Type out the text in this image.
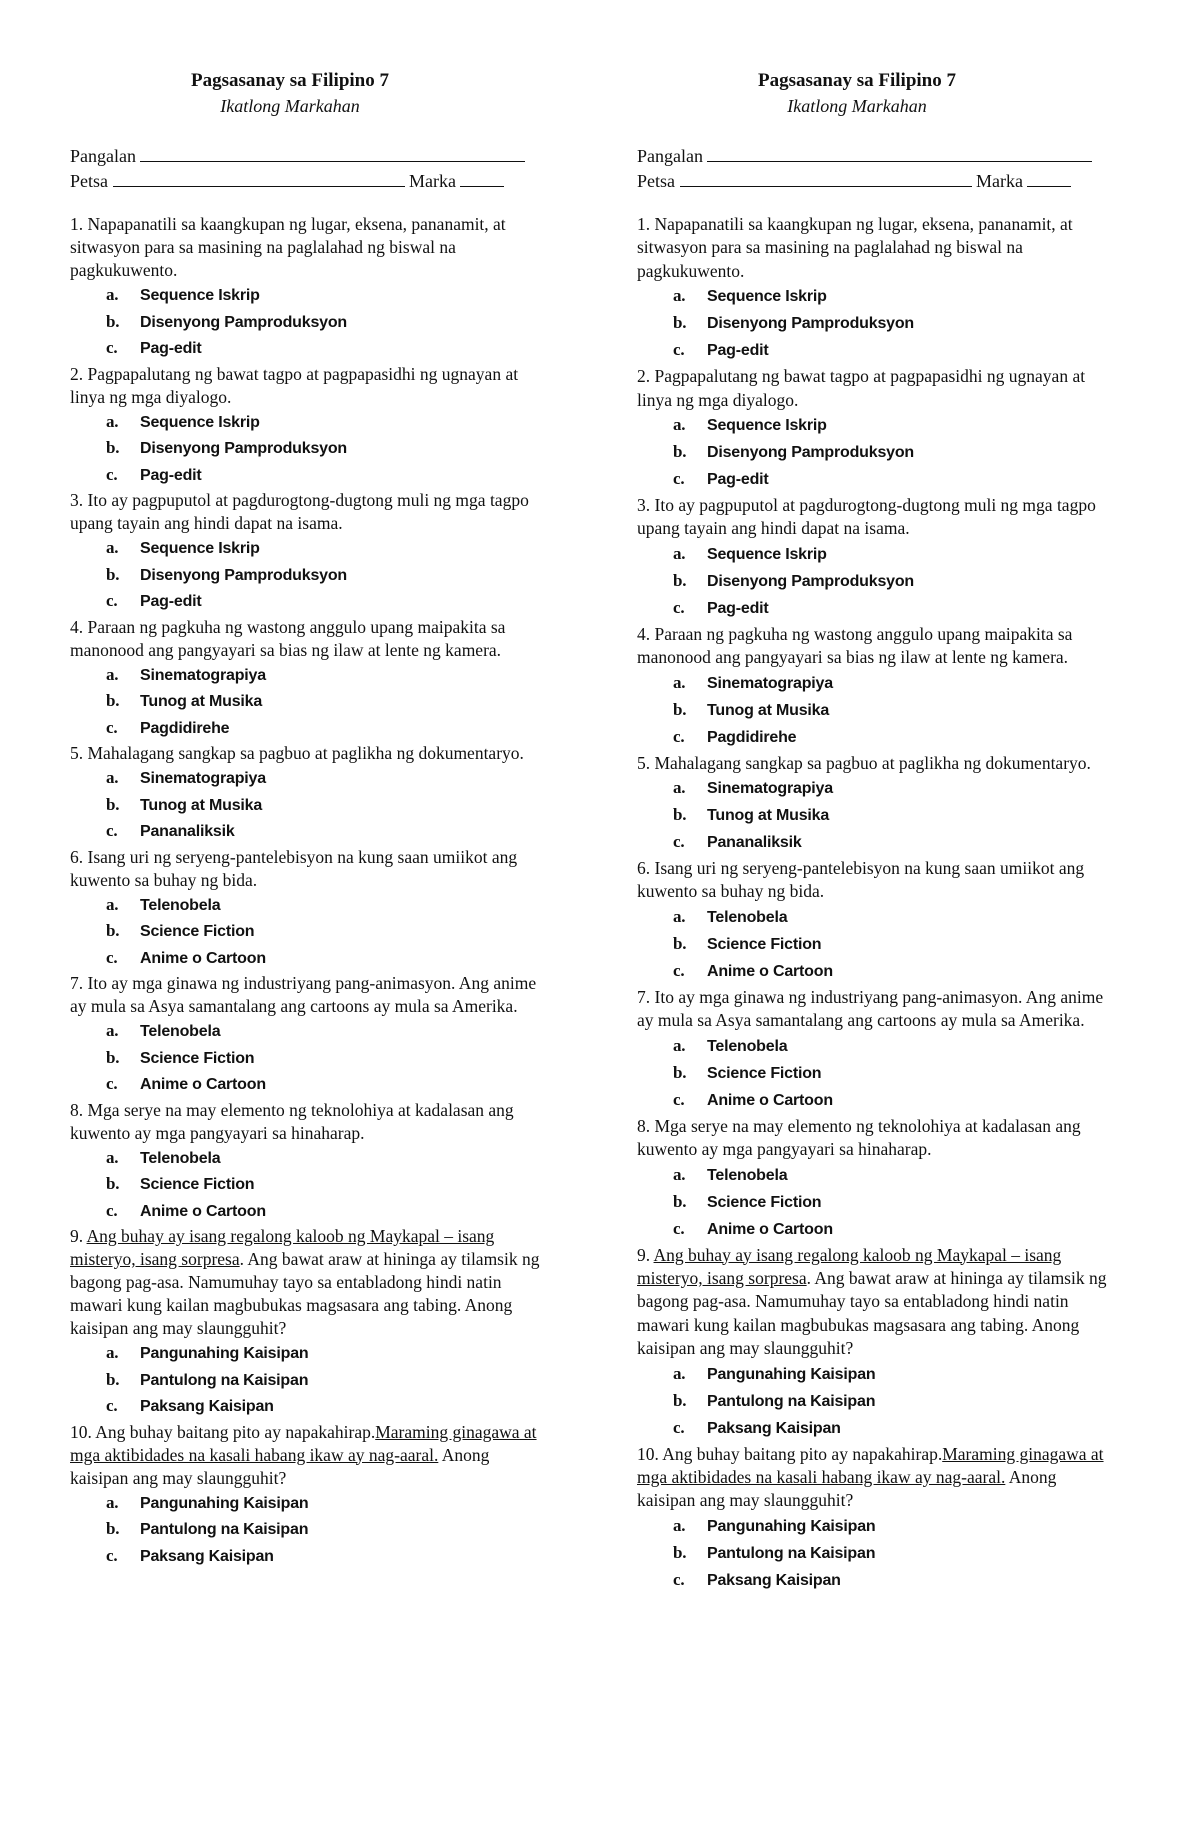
Pagsasanay sa Filipino 7
Ikatlong Markahan
Pangalan
Petsa	Marka
1. Napapanatili sa kaangkupan ng lugar, eksena, pananamit, at sitwasyon para sa masining na paglalahad ng biswal na pagkukuwento.
a. Sequence Iskrip
b. Disenyong Pamproduksyon
c. Pag-edit
2. Pagpapalutang ng bawat tagpo at pagpapasidhi ng ugnayan at linya ng mga diyalogo.
a. Sequence Iskrip
b. Disenyong Pamproduksyon
c. Pag-edit
3. Ito ay pagpuputol at pagdurogtong-dugtong muli ng mga tagpo upang tayain ang hindi dapat na isama.
a. Sequence Iskrip
b. Disenyong Pamproduksyon
c. Pag-edit
4. Paraan ng pagkuha ng wastong anggulo upang maipakita sa manonood ang pangyayari sa bias ng ilaw at lente ng kamera.
a. Sinematograpiya
b. Tunog at Musika
c. Pagdidirehe
5. Mahalagang sangkap sa pagbuo at paglikha ng dokumentaryo.
a. Sinematograpiya
b. Tunog at Musika
c. Pananaliksik
6. Isang uri ng seryeng-pantelebisyon na kung saan umiikot ang kuwento sa buhay ng bida.
a. Telenobela
b. Science Fiction
c. Anime o Cartoon
7. Ito ay mga ginawa ng industriyang pang-animasyon. Ang anime ay mula sa Asya samantalang ang cartoons ay mula sa Amerika.
a. Telenobela
b. Science Fiction
c. Anime o Cartoon
8. Mga serye na may elemento ng teknolohiya at kadalasan ang kuwento ay mga pangyayari sa hinaharap.
a. Telenobela
b. Science Fiction
c. Anime o Cartoon
9. Ang buhay ay isang regalong kaloob ng Maykapal – isang misteryo, isang sorpresa. Ang bawat araw at hininga ay tilamsik ng bagong pag-asa. Namumuhay tayo sa entabladong hindi natin mawari kung kailan magbubukas magsasara ang tabing. Anong kaisipan ang may slaungguhit?
a. Pangunahing Kaisipan
b. Pantulong na Kaisipan
c. Paksang Kaisipan
10. Ang buhay baitang pito ay napakahirap.Maraming ginagawa at mga aktibidades na kasali habang ikaw ay nag-aaral. Anong kaisipan ang may slaungguhit?
a. Pangunahing Kaisipan
b. Pantulong na Kaisipan
c. Paksang Kaisipan
Pagsasanay sa Filipino 7
Ikatlong Markahan
Pangalan
Petsa	Marka
1. Napapanatili sa kaangkupan ng lugar, eksena, pananamit, at sitwasyon para sa masining na paglalahad ng biswal na pagkukuwento.
a. Sequence Iskrip
b. Disenyong Pamproduksyon
c. Pag-edit
2. Pagpapalutang ng bawat tagpo at pagpapasidhi ng ugnayan at linya ng mga diyalogo.
a. Sequence Iskrip
b. Disenyong Pamproduksyon
c. Pag-edit
3. Ito ay pagpuputol at pagdurogtong-dugtong muli ng mga tagpo upang tayain ang hindi dapat na isama.
a. Sequence Iskrip
b. Disenyong Pamproduksyon
c. Pag-edit
4. Paraan ng pagkuha ng wastong anggulo upang maipakita sa manonood ang pangyayari sa bias ng ilaw at lente ng kamera.
a. Sinematograpiya
b. Tunog at Musika
c. Pagdidirehe
5. Mahalagang sangkap sa pagbuo at paglikha ng dokumentaryo.
a. Sinematograpiya
b. Tunog at Musika
c. Pananaliksik
6. Isang uri ng seryeng-pantelebisyon na kung saan umiikot ang kuwento sa buhay ng bida.
a. Telenobela
b. Science Fiction
c. Anime o Cartoon
7. Ito ay mga ginawa ng industriyang pang-animasyon. Ang anime ay mula sa Asya samantalang ang cartoons ay mula sa Amerika.
a. Telenobela
b. Science Fiction
c. Anime o Cartoon
8. Mga serye na may elemento ng teknolohiya at kadalasan ang kuwento ay mga pangyayari sa hinaharap.
a. Telenobela
b. Science Fiction
c. Anime o Cartoon
9. Ang buhay ay isang regalong kaloob ng Maykapal – isang misteryo, isang sorpresa. Ang bawat araw at hininga ay tilamsik ng bagong pag-asa. Namumuhay tayo sa entabladong hindi natin mawari kung kailan magbubukas magsasara ang tabing. Anong kaisipan ang may slaungguhit?
a. Pangunahing Kaisipan
b. Pantulong na Kaisipan
c. Paksang Kaisipan
10. Ang buhay baitang pito ay napakahirap.Maraming ginagawa at mga aktibidades na kasali habang ikaw ay nag-aaral. Anong kaisipan ang may slaungguhit?
a. Pangunahing Kaisipan
b. Pantulong na Kaisipan
c. Paksang Kaisipan
